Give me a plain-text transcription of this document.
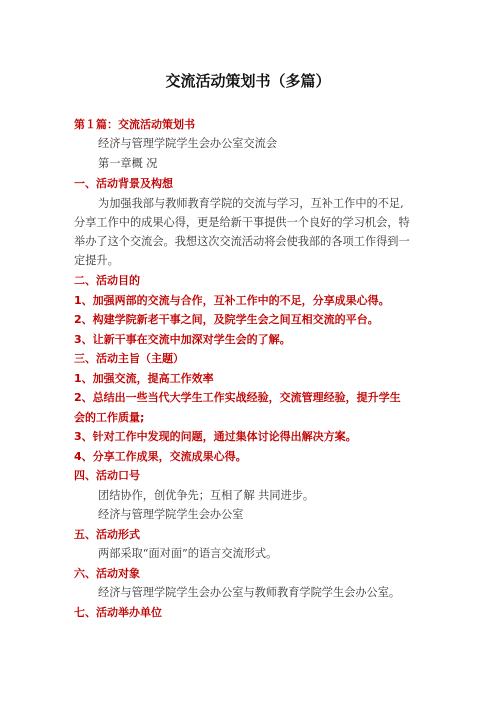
交流活动策划书（多篇）
第１篇：交流活动策划书
经济与管理学院学生会办公室交流会
第一章概 况
一、活动背景及构想
为加强我部与教师教育学院的交流与学习，互补工作中的不足,
分享工作中的成果心得，更是给新干事提供一个良好的学习机会，特
举办了这个交流会。我想这次交流活动将会使我部的各项工作得到一
定提升。
二、活动目的
1、加强两部的交流与合作，互补工作中的不足，分享成果心得。
2、构建学院新老干事之间，及院学生会之间互相交流的平台。
3、让新干事在交流中加深对学生会的了解。
三、活动主旨（主题）
1、加强交流，提高工作效率
2、总结出一些当代大学生工作实战经验，交流管理经验，提升学生
会的工作质量;
3、针对工作中发现的问题，通过集体讨论得出解决方案。
4、分享工作成果，交流成果心得。
四、活动口号
团结协作，创优争先；互相了解 共同进步。
经济与管理学院学生会办公室
五、活动形式
两部采取“面对面”的语言交流形式。
六、活动对象
经济与管理学院学生会办公室与教师教育学院学生会办公室。
七、活动举办单位
